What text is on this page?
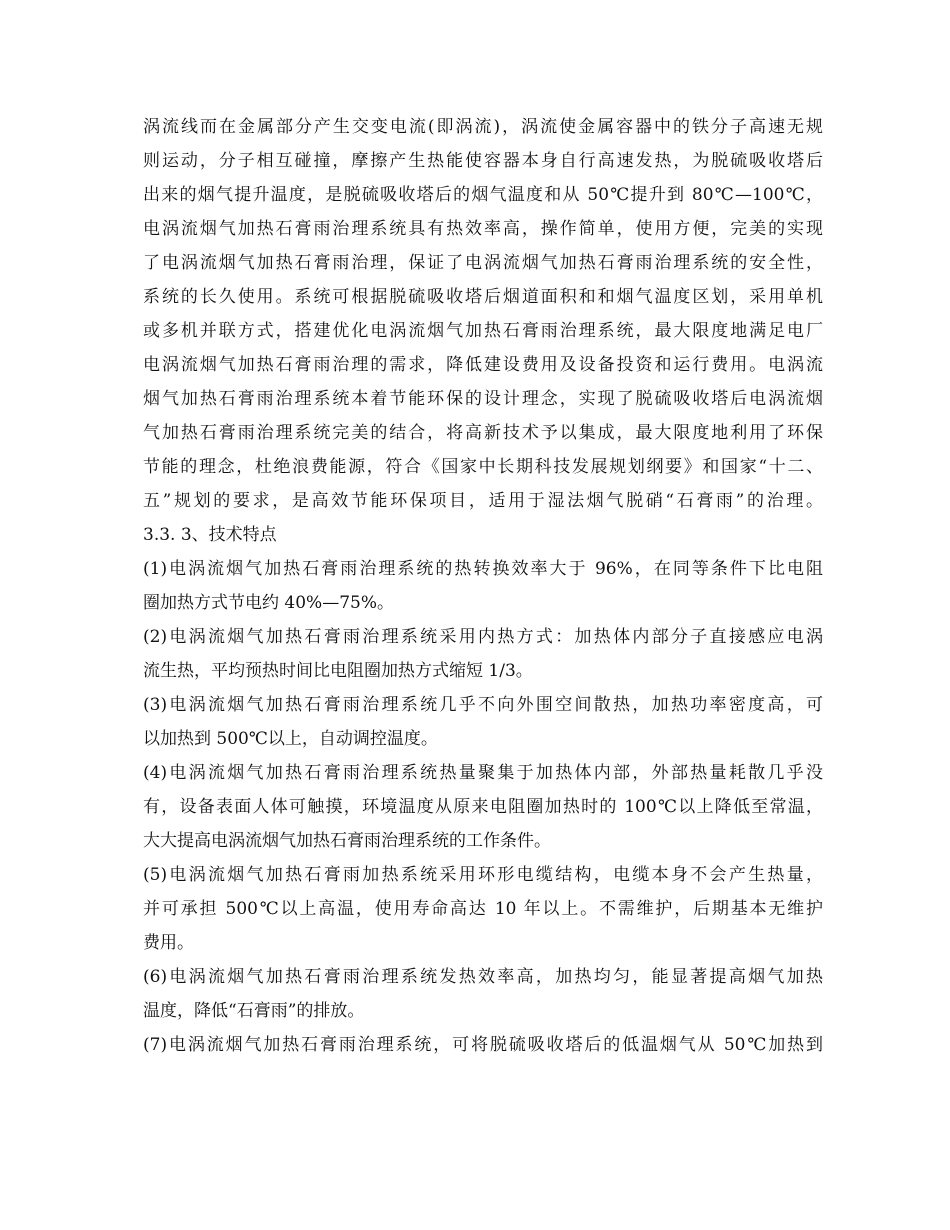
涡流线而在金属部分产生交变电流(即涡流)，涡流使金属容器中的铁分子高速无规

则运动，分子相互碰撞，摩擦产生热能使容器本身自行高速发热，为脱硫吸收塔后

出来的烟气提升温度，是脱硫吸收塔后的烟气温度和从 50℃提升到 80℃—100℃，

电涡流烟气加热石膏雨治理系统具有热效率高，操作简单，使用方便，完美的实现

了电涡流烟气加热石膏雨治理，保证了电涡流烟气加热石膏雨治理系统的安全性，

系统的长久使用。系统可根据脱硫吸收塔后烟道面积和和烟气温度区划，采用单机

或多机并联方式，搭建优化电涡流烟气加热石膏雨治理系统，最大限度地满足电厂

电涡流烟气加热石膏雨治理的需求，降低建设费用及设备投资和运行费用。电涡流

烟气加热石膏雨治理系统本着节能环保的设计理念，实现了脱硫吸收塔后电涡流烟

气加热石膏雨治理系统完美的结合，将高新技术予以集成，最大限度地利用了环保

节能的理念，杜绝浪费能源，符合《国家中长期科技发展规划纲要》和国家“十二、

五”规划的要求，是高效节能环保项目，适用于湿法烟气脱硝“石膏雨”的治理。

3.3. 3、技术特点

(1)电涡流烟气加热石膏雨治理系统的热转换效率大于 96%，在同等条件下比电阻

圈加热方式节电约 40%—75%。

(2)电涡流烟气加热石膏雨治理系统采用内热方式：加热体内部分子直接感应电涡

流生热，平均预热时间比电阻圈加热方式缩短 1/3。

(3)电涡流烟气加热石膏雨治理系统几乎不向外围空间散热，加热功率密度高，可

以加热到 500℃以上，自动调控温度。

(4)电涡流烟气加热石膏雨治理系统热量聚集于加热体内部，外部热量耗散几乎没

有，设备表面人体可触摸，环境温度从原来电阻圈加热时的 100℃以上降低至常温，

大大提高电涡流烟气加热石膏雨治理系统的工作条件。

(5)电涡流烟气加热石膏雨加热系统采用环形电缆结构，电缆本身不会产生热量，

并可承担 500℃以上高温，使用寿命高达 10 年以上。不需维护，后期基本无维护

费用。

(6)电涡流烟气加热石膏雨治理系统发热效率高，加热均匀，能显著提高烟气加热

温度，降低“石膏雨”的排放。

(7)电涡流烟气加热石膏雨治理系统，可将脱硫吸收塔后的低温烟气从 50℃加热到
